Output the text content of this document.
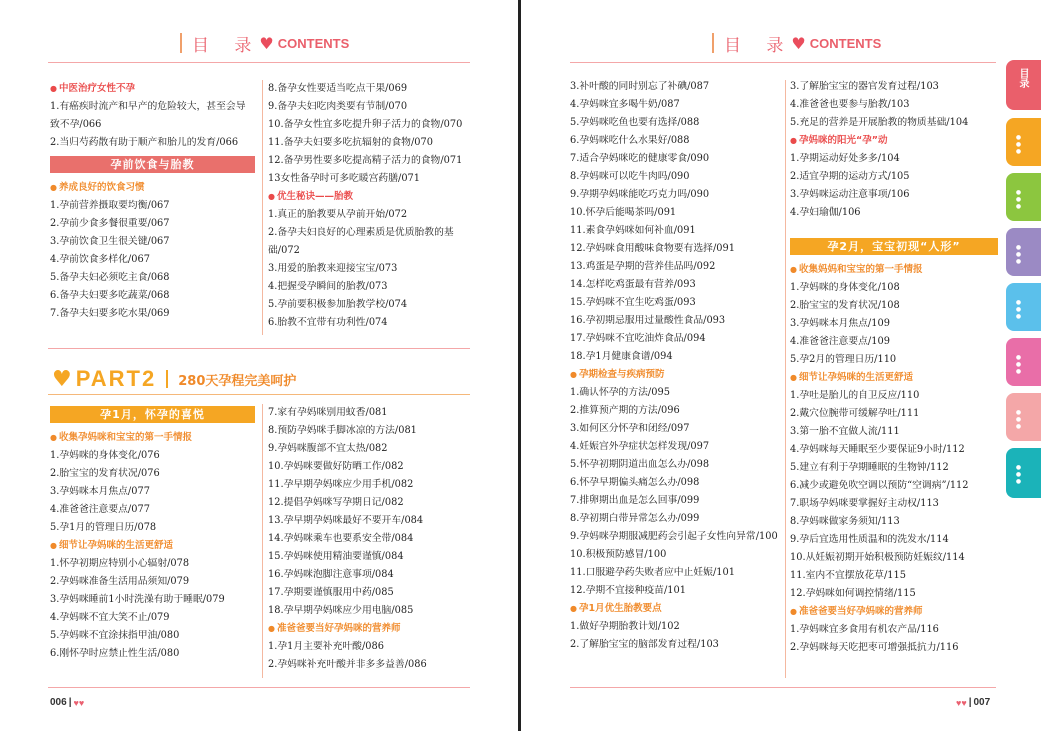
目 录
♥ CONTENTS
● 中医治疗女性不孕
1.有癌疾时流产和早产的危险较大，甚至会导致不孕/066
2.当归芍药散有助于顺产和胎儿的发育/066
孕前饮食与胎教
● 养成良好的饮食习惯
1.孕前营养摄取要均衡/067
2.孕前少食多餐很重要/067
3.孕前饮食卫生很关键/067
4.孕前饮食多样化/067
5.备孕夫妇必须吃主食/068
6.备孕夫妇要多吃蔬菜/068
7.备孕夫妇要多吃水果/069
8.备孕女性要适当吃点干果/069
9.备孕夫妇吃肉类要有节制/070
10.备孕女性宜多吃提升卵子活力的食物/070
11.备孕夫妇要多吃抗辐射的食物/070
12.备孕男性要多吃提高精子活力的食物/071
13女性备孕时可多吃暖宫药膳/071
● 优生秘诀——胎教
1.真正的胎教要从孕前开始/072
2.备孕夫妇良好的心理素质是优质胎教的基础/072
3.用爱的胎教来迎接宝宝/073
4.把握受孕瞬间的胎教/073
5.孕前要积极参加胎教学校/074
6.胎教不宜带有功利性/074
♥ PART2 280天孕程完美呵护
孕1月，怀孕的喜悦
● 收集孕妈咪和宝宝的第一手情报
1.孕妈咪的身体变化/076
2.胎宝宝的发育状况/076
3.孕妈咪本月焦点/077
4.准爸爸注意要点/077
5.孕1月的管理日历/078
● 细节让孕妈咪的生活更舒适
1.怀孕初期应特别小心辐射/078
2.孕妈咪准备生活用品须知/079
3.孕妈咪睡前1小时洗澡有助于睡眠/079
4.孕妈咪不宜大笑不止/079
5.孕妈咪不宜涂抹指甲油/080
6.刚怀孕时应禁止性生活/080
7.家有孕妈咪别用蚊香/081
8.预防孕妈咪手脚冰凉的方法/081
9.孕妈咪腹部不宜太热/082
10.孕妈咪要做好防晒工作/082
11.孕早期孕妈咪应少用手机/082
12.提倡孕妈咪写孕期日记/082
13.孕早期孕妈咪最好不要开车/084
14.孕妈咪乘车也要系安全带/084
15.孕妈咪使用精油要谨慎/084
16.孕妈咪泡脚注意事项/084
17.孕期要谨慎服用中药/085
18.孕早期孕妈咪应少用电脑/085
● 准爸爸要当好孕妈咪的营养师
1.孕1月主要补充叶酸/086
2.孕妈咪补充叶酸并非多多益善/086
006 | ♥♥
目 录
♥ CONTENTS
3.补叶酸的同时别忘了补碘/087
4.孕妈咪宜多喝牛奶/087
5.孕妈咪吃鱼也要有选择/088
6.孕妈咪吃什么水果好/088
7.适合孕妈咪吃的健康零食/090
8.孕妈咪可以吃牛肉吗/090
9.孕期孕妈咪能吃巧克力吗/090
10.怀孕后能喝茶吗/091
11.素食孕妈咪如何补血/091
12.孕妈咪食用酸味食物要有选择/091
13.鸡蛋是孕期的营养佳品吗/092
14.怎样吃鸡蛋最有营养/093
15.孕妈咪不宜生吃鸡蛋/093
16.孕初期忌服用过量酸性食品/093
17.孕妈咪不宜吃油炸食品/094
18.孕1月健康食谱/094
● 孕期检查与疾病预防
1.确认怀孕的方法/095
2.推算预产期的方法/096
3.如何区分怀孕和闭经/097
4.妊娠宫外孕症状怎样发现/097
5.怀孕初期阴道出血怎么办/098
6.怀孕早期偏头痛怎么办/098
7.排卵期出血是怎么回事/099
8.孕初期白带异常怎么办/099
9.孕妈咪孕期服减肥药会引起子女性向异常/100
10.积极预防感冒/100
11.口服避孕药失败者应中止妊娠/101
12.孕期不宜接种疫苗/101
● 孕1月优生胎教要点
1.做好孕期胎教计划/102
2.了解胎宝宝的脑部发育过程/103
3.了解胎宝宝的器官发育过程/103
4.准爸爸也要参与胎教/103
5.充足的营养是开展胎教的物质基础/104
● 孕妈咪的阳光“孕”动
1.孕期运动好处多多/104
2.适宜孕期的运动方式/105
3.孕妈咪运动注意事项/106
4.孕妇瑜伽/106
孕2月，宝宝初现“人形”
● 收集妈妈和宝宝的第一手情报
1.孕妈咪的身体变化/108
2.胎宝宝的发育状况/108
3.孕妈咪本月焦点/109
4.准爸爸注意要点/109
5.孕2月的管理日历/110
● 细节让孕妈咪的生活更舒适
1.孕吐是胎儿的自卫反应/110
2.戴穴位腕带可缓解孕吐/111
3.第一胎不宜做人流/111
4.孕妈咪每天睡眠至少要保证9小时/112
5.建立有利于孕期睡眠的生物钟/112
6.减少或避免吹空调以预防“空调病”/112
7.职场孕妈咪要掌握好主动权/113
8.孕妈咪做家务须知/113
9.孕后宜选用性质温和的洗发水/114
10.从妊娠初期开始积极预防妊娠纹/114
11.室内不宜摆放花草/115
12.孕妈咪如何调控情绪/115
● 准爸爸要当好孕妈咪的营养师
1.孕妈咪宜多食用有机农产品/116
2.孕妈咪每天吃把枣可增强抵抗力/116
♥♥ | 007
目录
●●●
●●●
●●●
●●●
●●●
●●●
●●●
